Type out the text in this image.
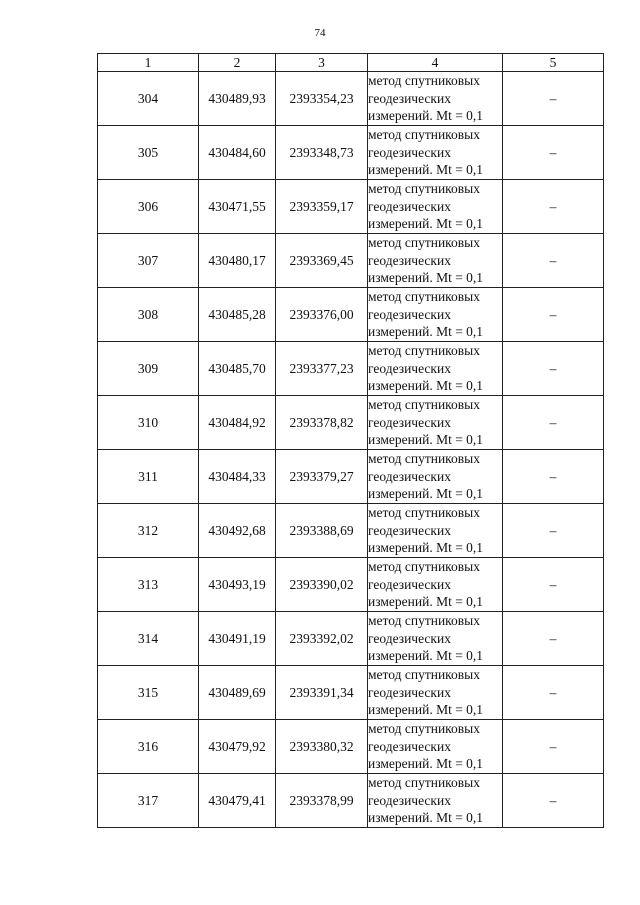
74
1	2	3	4	5
304	430489,93	2393354,23	метод спутниковых
геодезических
измерений. Mt = 0,1	–
305	430484,60	2393348,73	метод спутниковых
геодезических
измерений. Mt = 0,1	–
306	430471,55	2393359,17	метод спутниковых
геодезических
измерений. Mt = 0,1	–
307	430480,17	2393369,45	метод спутниковых
геодезических
измерений. Mt = 0,1	–
308	430485,28	2393376,00	метод спутниковых
геодезических
измерений. Mt = 0,1	–
309	430485,70	2393377,23	метод спутниковых
геодезических
измерений. Mt = 0,1	–
310	430484,92	2393378,82	метод спутниковых
геодезических
измерений. Mt = 0,1	–
311	430484,33	2393379,27	метод спутниковых
геодезических
измерений. Mt = 0,1	–
312	430492,68	2393388,69	метод спутниковых
геодезических
измерений. Mt = 0,1	–
313	430493,19	2393390,02	метод спутниковых
геодезических
измерений. Mt = 0,1	–
314	430491,19	2393392,02	метод спутниковых
геодезических
измерений. Mt = 0,1	–
315	430489,69	2393391,34	метод спутниковых
геодезических
измерений. Mt = 0,1	–
316	430479,92	2393380,32	метод спутниковых
геодезических
измерений. Mt = 0,1	–
317	430479,41	2393378,99	метод спутниковых
геодезических
измерений. Mt = 0,1	–
